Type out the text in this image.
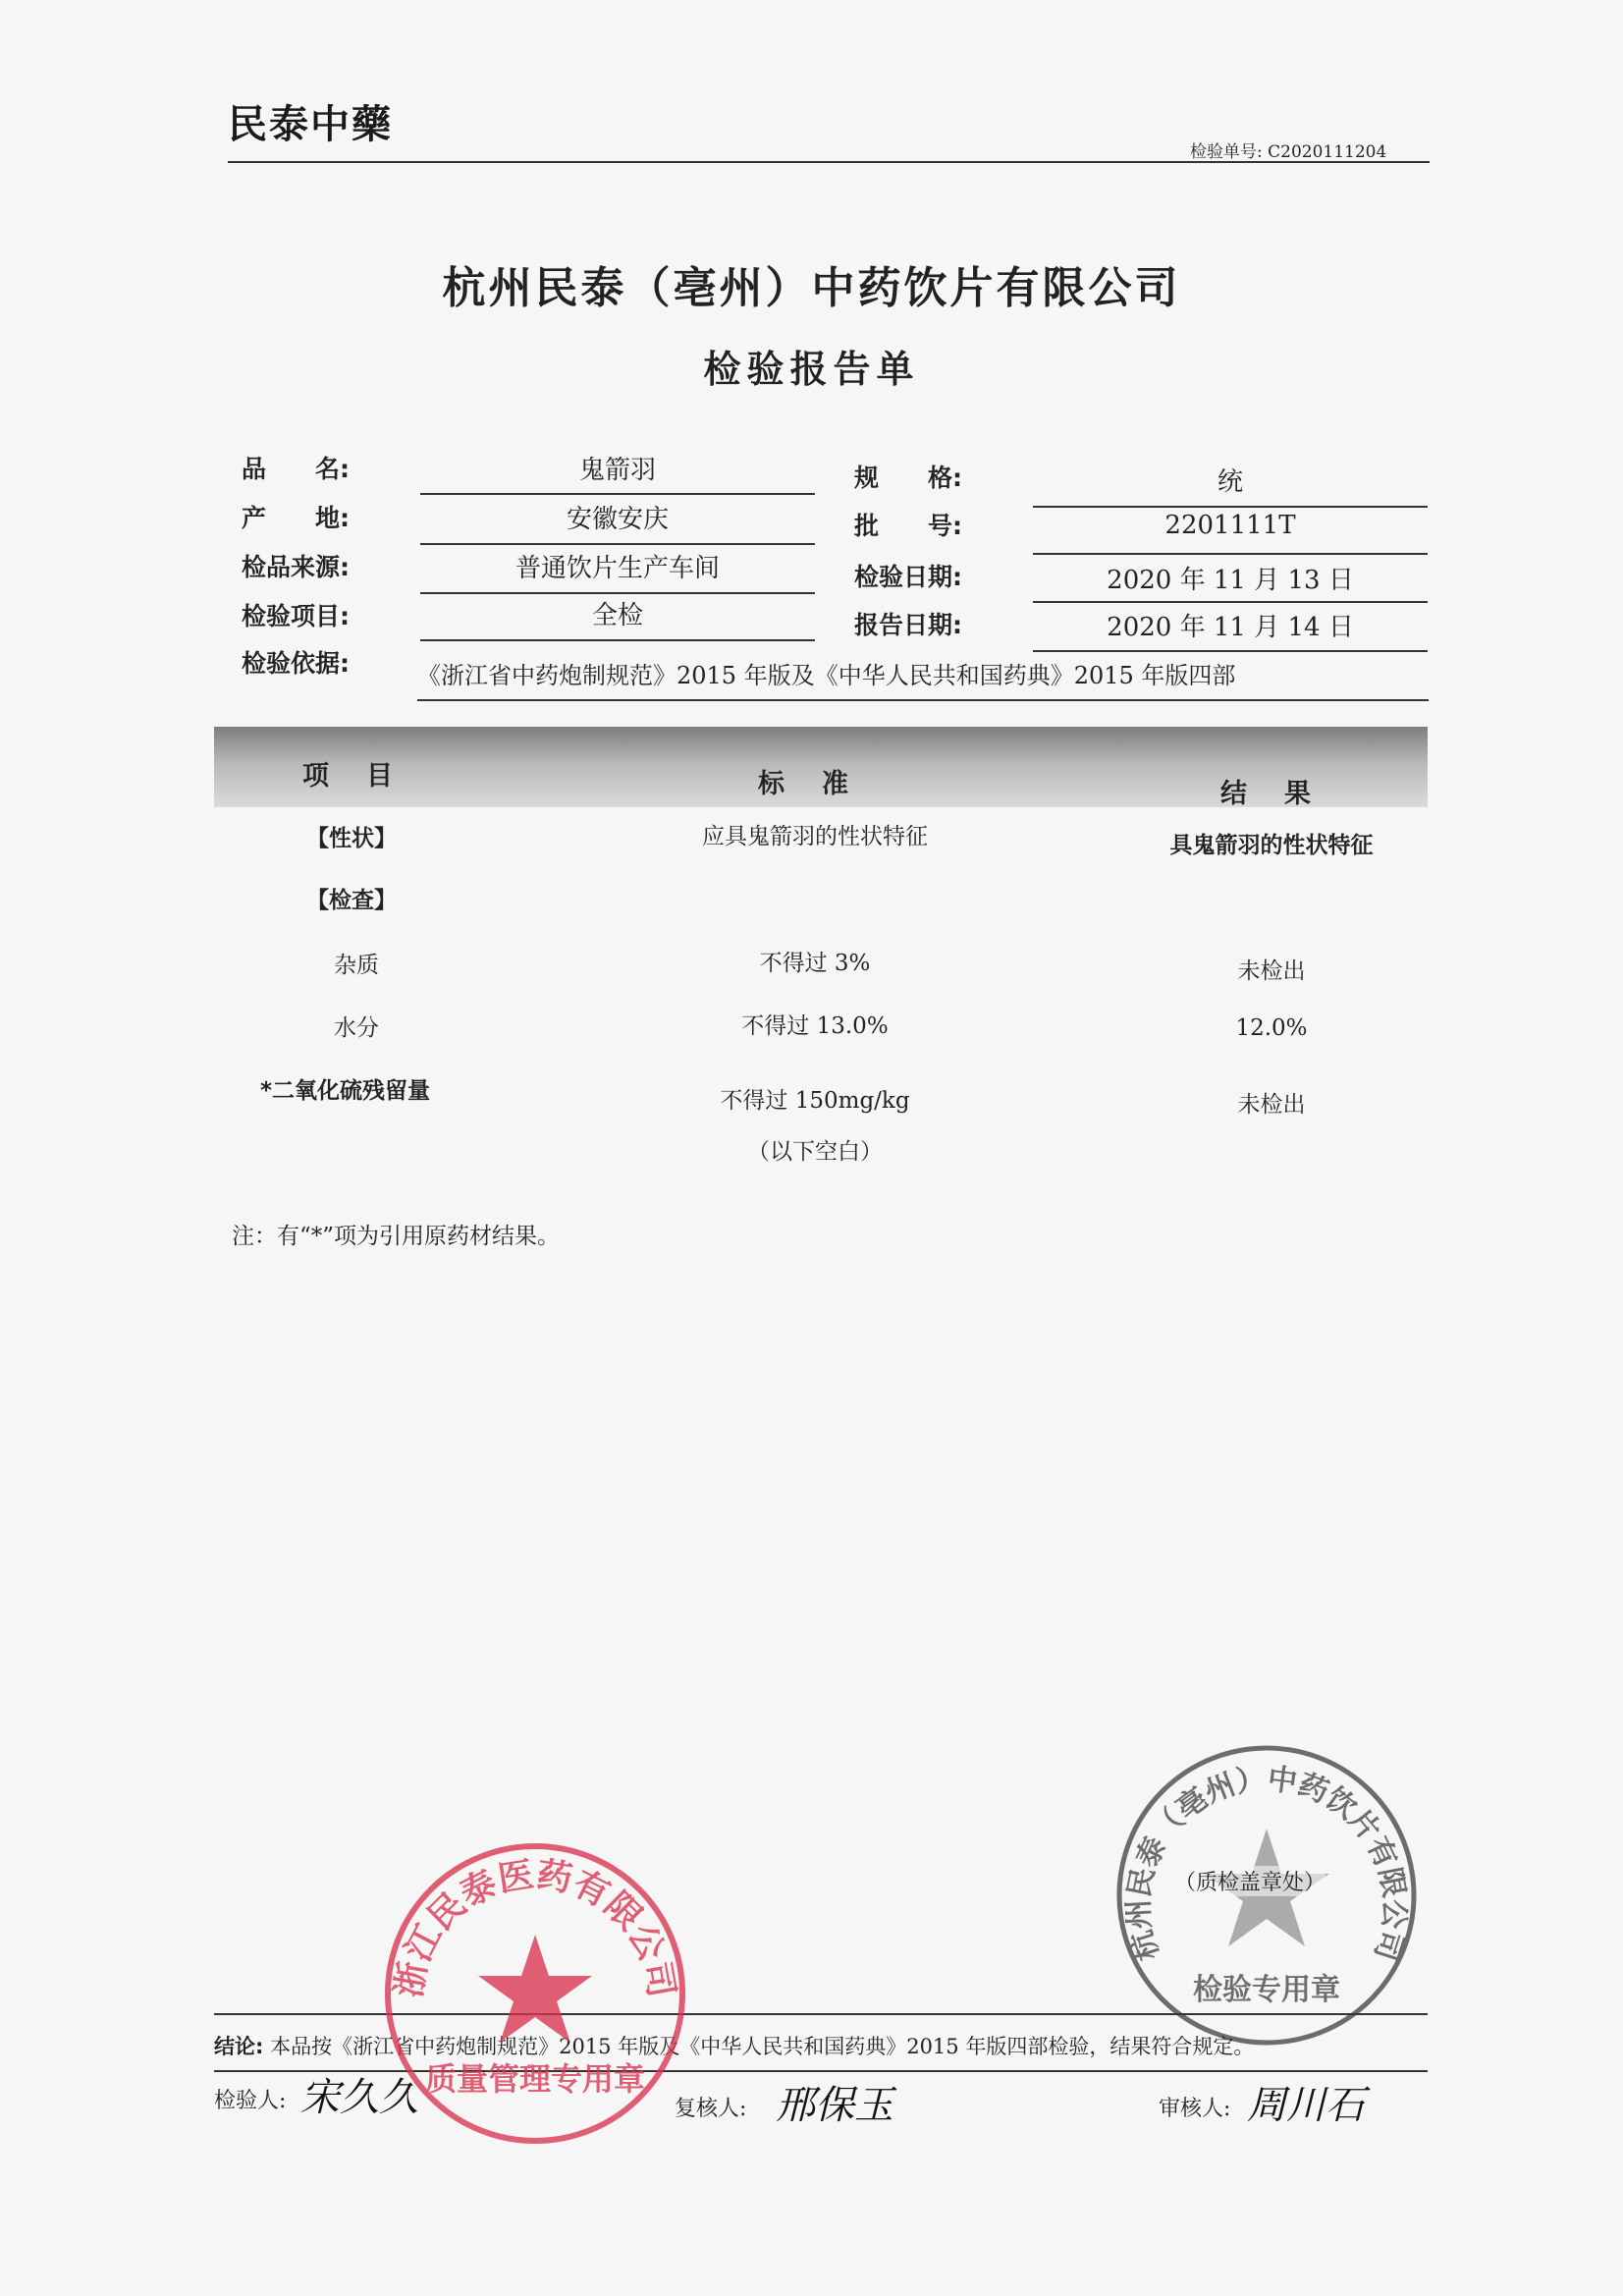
民泰中藥
检验单号: C2020111204
杭州民泰（亳州）中药饮片有限公司
检验报告单
品　　名:	鬼箭羽	规　　格:	统
产　　地:	安徽安庆	批　　号:	2201111T
检品来源:	普通饮片生产车间	检验日期:	2020 年 11 月 13 日
检验项目:	全检	报告日期:	2020 年 11 月 14 日
检验依据:	《浙江省中药炮制规范》2015 年版及《中华人民共和国药典》2015 年版四部
项目	标准	结果
【性状】	应具鬼箭羽的性状特征	具鬼箭羽的性状特征
【检查】
杂质	不得过 3%	未检出
水分	不得过 13.0%	12.0%
*二氧化硫残留量	不得过 150mg/kg	未检出
（以下空白）
注：有“*”项为引用原药材结果。
杭州民泰（亳州）中药饮片有限公司
检验专用章
（质检盖章处）
结论: 本品按《浙江省中药炮制规范》2015 年版及《中华人民共和国药典》2015 年版四部检验，结果符合规定。
检验人: 宋久久	复核人: 邢保玉	审核人: 周川石
浙江民泰医药有限公司
质量管理专用章
